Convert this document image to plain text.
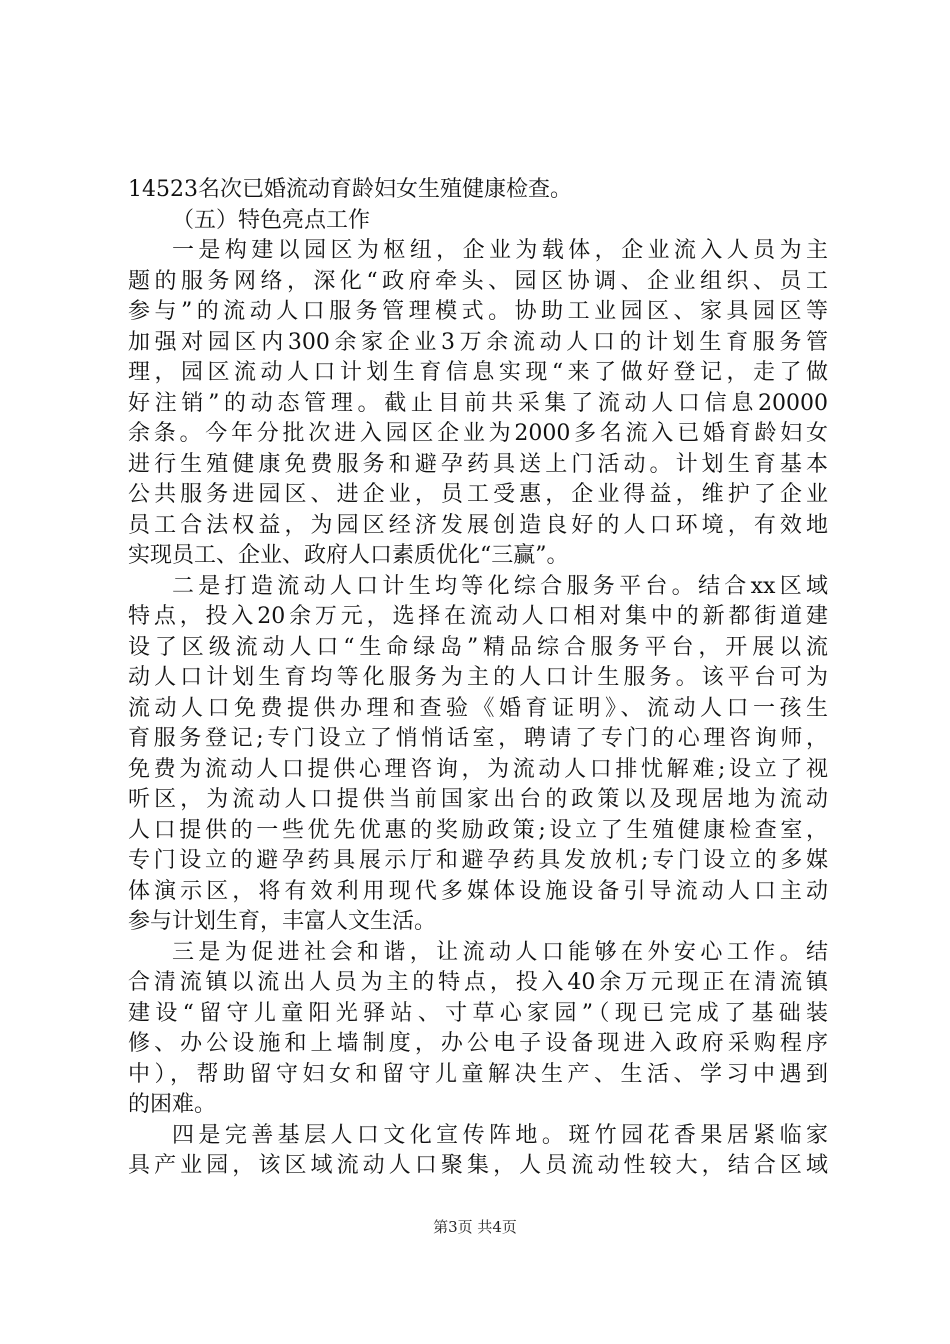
14523名次已婚流动育龄妇女生殖健康检查。
（五）特色亮点工作
一是构建以园区为枢纽，企业为载体，企业流入人员为主
题的服务网络，深化“政府牵头、园区协调、企业组织、员工
参与”的流动人口服务管理模式。协助工业园区、家具园区等
加强对园区内300余家企业3万余流动人口的计划生育服务管
理，园区流动人口计划生育信息实现“来了做好登记，走了做
好注销”的动态管理。截止目前共采集了流动人口信息20000
余条。今年分批次进入园区企业为2000多名流入已婚育龄妇女
进行生殖健康免费服务和避孕药具送上门活动。计划生育基本
公共服务进园区、进企业，员工受惠，企业得益，维护了企业
员工合法权益，为园区经济发展创造良好的人口环境，有效地
实现员工、企业、政府人口素质优化“三赢”。
二是打造流动人口计生均等化综合服务平台。结合xx区域
特点，投入20余万元，选择在流动人口相对集中的新都街道建
设了区级流动人口“生命绿岛”精品综合服务平台，开展以流
动人口计划生育均等化服务为主的人口计生服务。该平台可为
流动人口免费提供办理和查验《婚育证明》、流动人口一孩生
育服务登记;专门设立了悄悄话室，聘请了专门的心理咨询师，
免费为流动人口提供心理咨询，为流动人口排忧解难;设立了视
听区，为流动人口提供当前国家出台的政策以及现居地为流动
人口提供的一些优先优惠的奖励政策;设立了生殖健康检查室，
专门设立的避孕药具展示厅和避孕药具发放机;专门设立的多媒
体演示区，将有效利用现代多媒体设施设备引导流动人口主动
参与计划生育，丰富人文生活。
三是为促进社会和谐，让流动人口能够在外安心工作。结
合清流镇以流出人员为主的特点，投入40余万元现正在清流镇
建设“留守儿童阳光驿站、寸草心家园”（现已完成了基础装
修、办公设施和上墙制度，办公电子设备现进入政府采购程序
中），帮助留守妇女和留守儿童解决生产、生活、学习中遇到
的困难。
四是完善基层人口文化宣传阵地。斑竹园花香果居紧临家
具产业园，该区域流动人口聚集，人员流动性较大，结合区域
第3页 共4页
